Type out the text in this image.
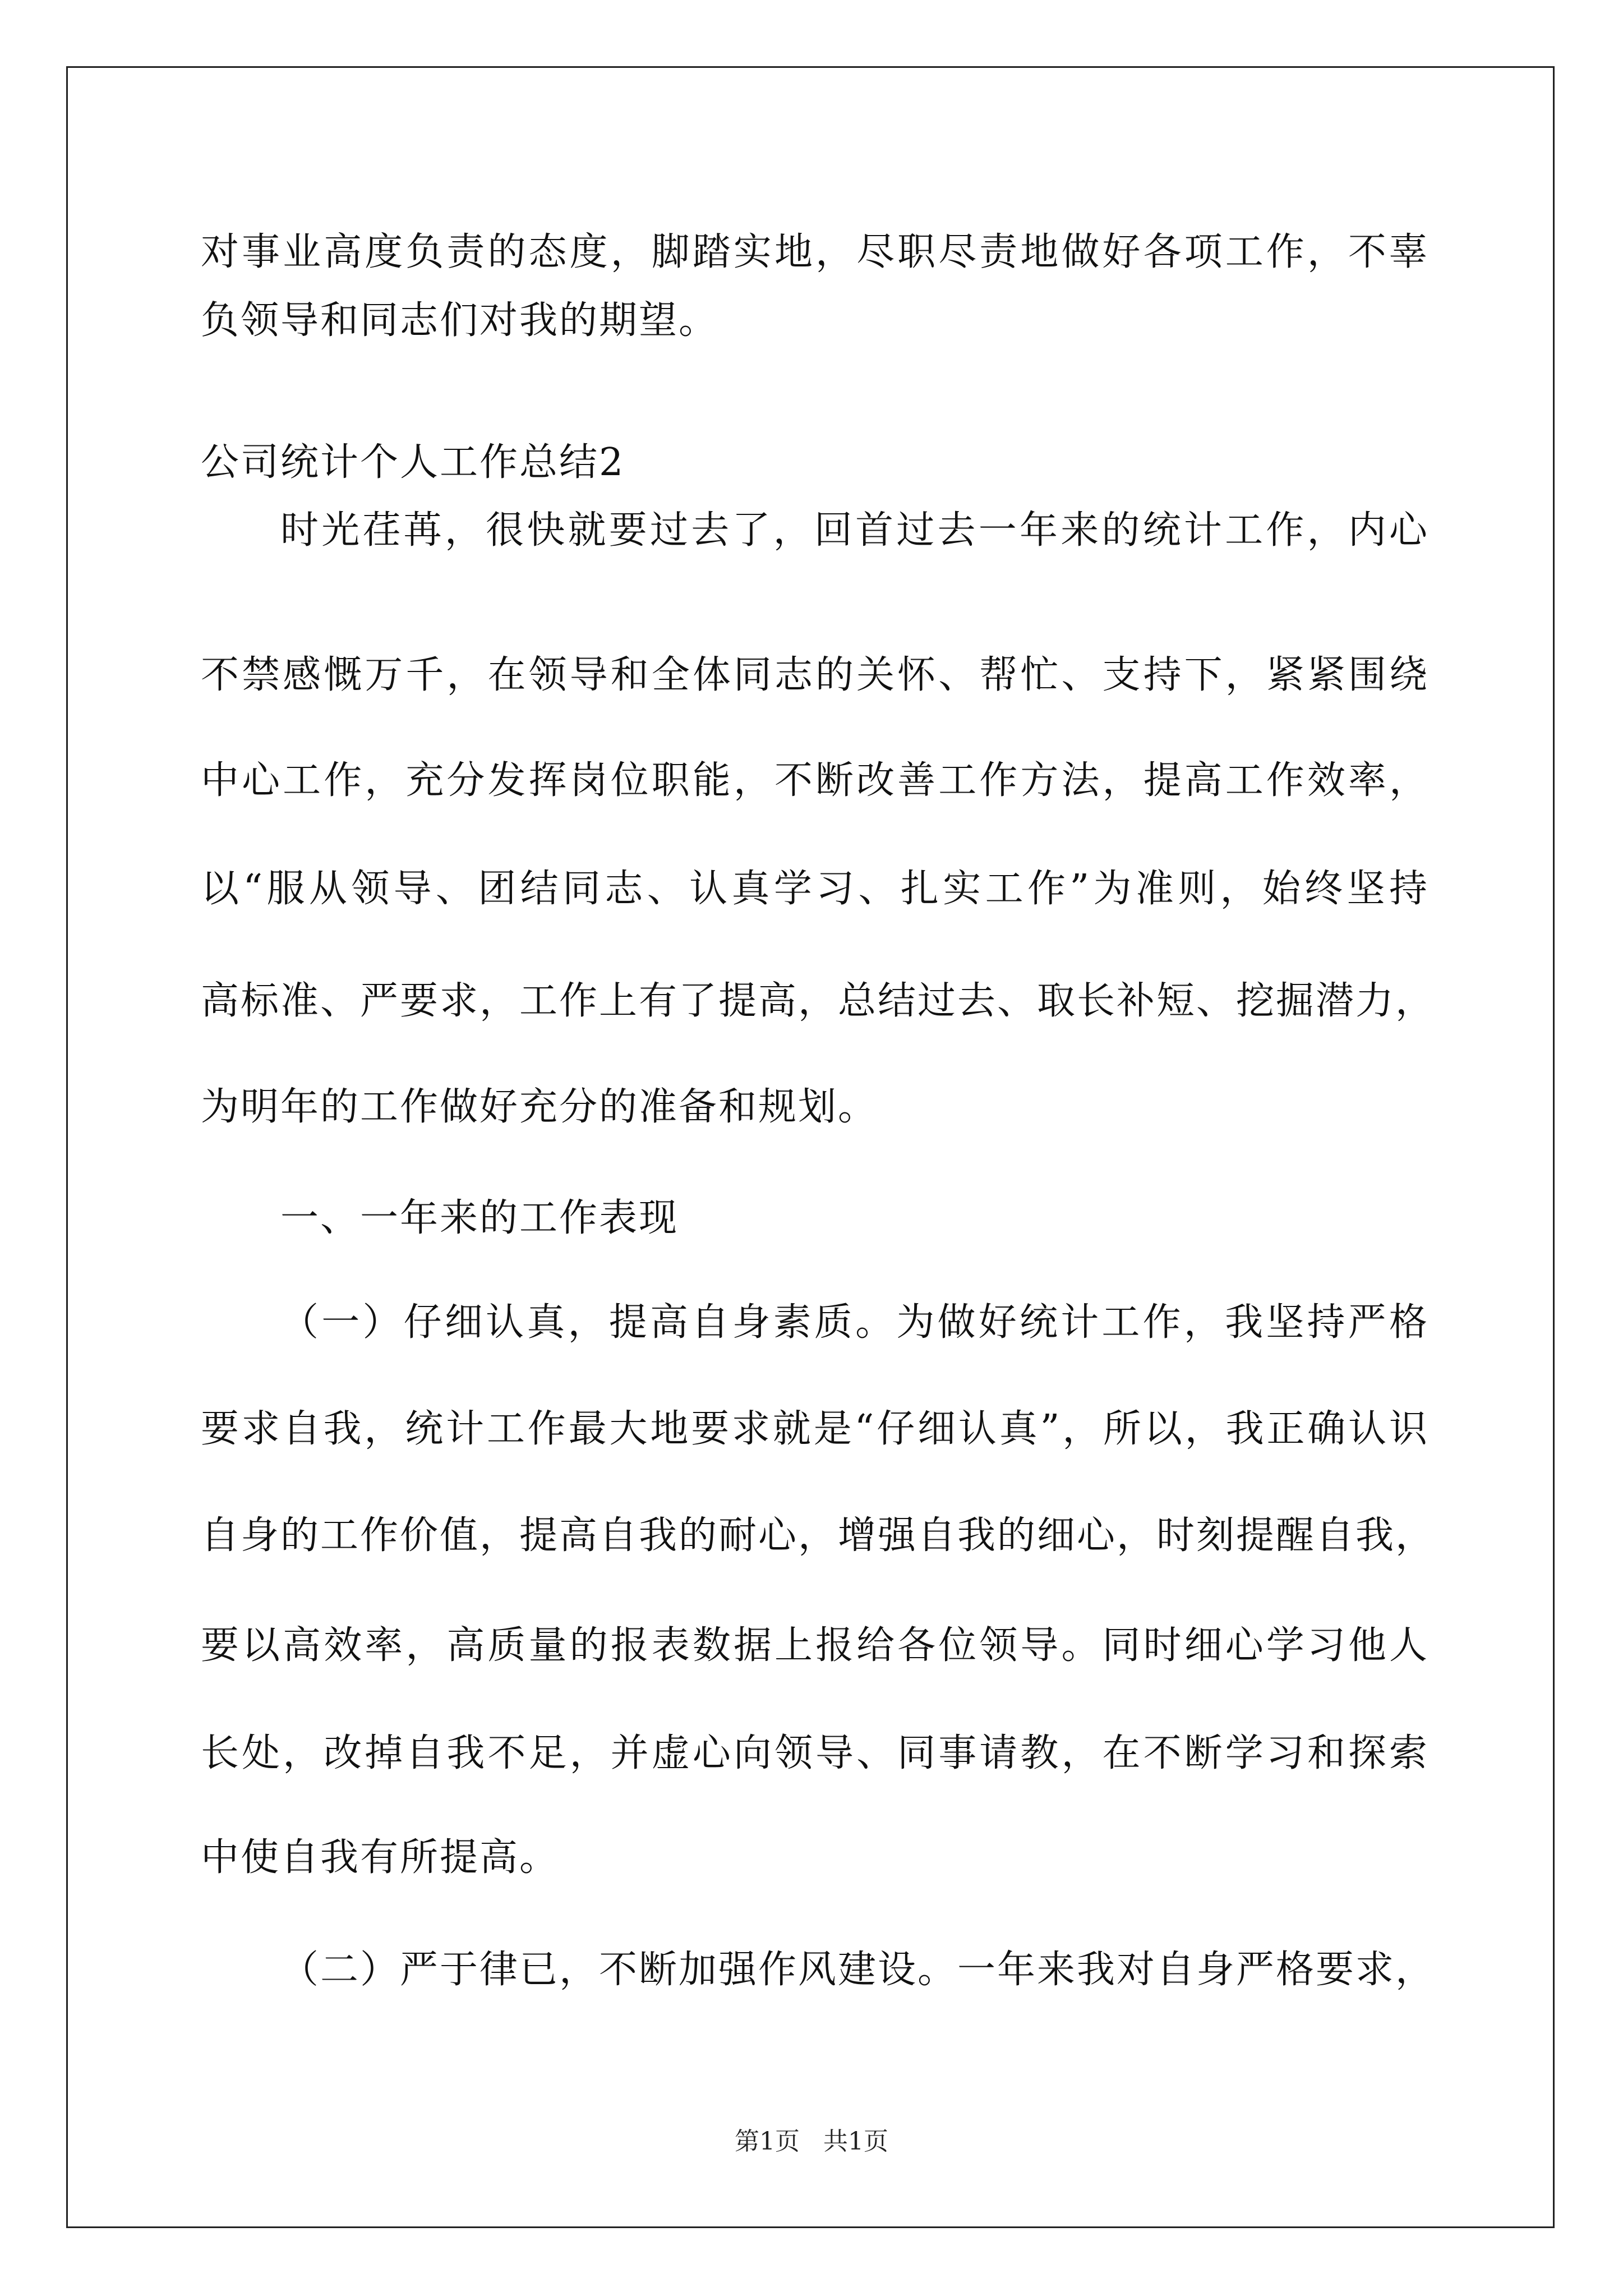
对事业高度负责的态度，脚踏实地，尽职尽责地做好各项工作，不辜
负领导和同志们对我的期望。
公司统计个人工作总结2
时光荏苒，很快就要过去了，回首过去一年来的统计工作，内心
不禁感慨万千，在领导和全体同志的关怀、帮忙、支持下，紧紧围绕
中心工作，充分发挥岗位职能，不断改善工作方法，提高工作效率，
以“服从领导、团结同志、认真学习、扎实工作”为准则，始终坚持
高标准、严要求，工作上有了提高，总结过去、取长补短、挖掘潜力，
为明年的工作做好充分的准备和规划。
一、一年来的工作表现
（一）仔细认真，提高自身素质。为做好统计工作，我坚持严格
要求自我，统计工作最大地要求就是“仔细认真”，所以，我正确认识
自身的工作价值，提高自我的耐心，增强自我的细心，时刻提醒自我，
要以高效率，高质量的报表数据上报给各位领导。同时细心学习他人
长处，改掉自我不足，并虚心向领导、同事请教，在不断学习和探索
中使自我有所提高。
（二）严于律已，不断加强作风建设。一年来我对自身严格要求，
第1页   共1页
